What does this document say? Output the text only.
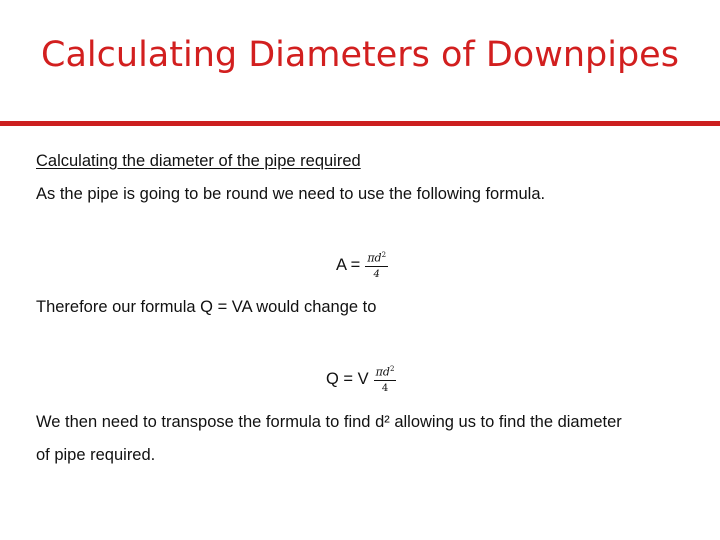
Calculating Diameters of Downpipes
Calculating the diameter of the pipe required
As the pipe is going to be round we need to use the following formula.
$A = \frac{\pi d^2}{4}$
Therefore our formula Q = VA would change to
Q = V $\frac{\pi d^2}{4}$
We then need to transpose the formula to find d² allowing us to find the diameter
of pipe required.
